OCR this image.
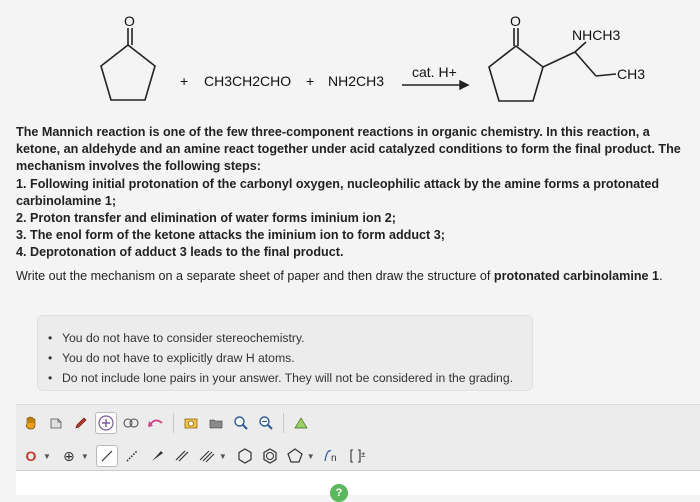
O
+ CH3CH2CHO + NH2CH3
cat. H+
O
NHCH3
CH3

The Mannich reaction is one of the few three-component reactions in organic chemistry. In this reaction, a ketone, an aldehyde and an amine react together under acid catalyzed conditions to form the final product. The mechanism involves the following steps:

1. Following initial protonation of the carbonyl oxygen, nucleophilic attack by the amine forms a protonated carbinolamine 1;

2. Proton transfer and elimination of water forms iminium ion 2;

3. The enol form of the ketone attacks the iminium ion to form adduct 3;

4. Deprotonation of adduct 3 leads to the final product.

Write out the mechanism on a separate sheet of paper and then draw the structure of protonated carbinolamine 1.

• You do not have to consider stereochemistry.
• You do not have to explicitly draw H atoms.
• Do not include lone pairs in your answer. They will not be considered in the grading.
O ▼ ⊕ ▼	▼	▼ n	±
?
